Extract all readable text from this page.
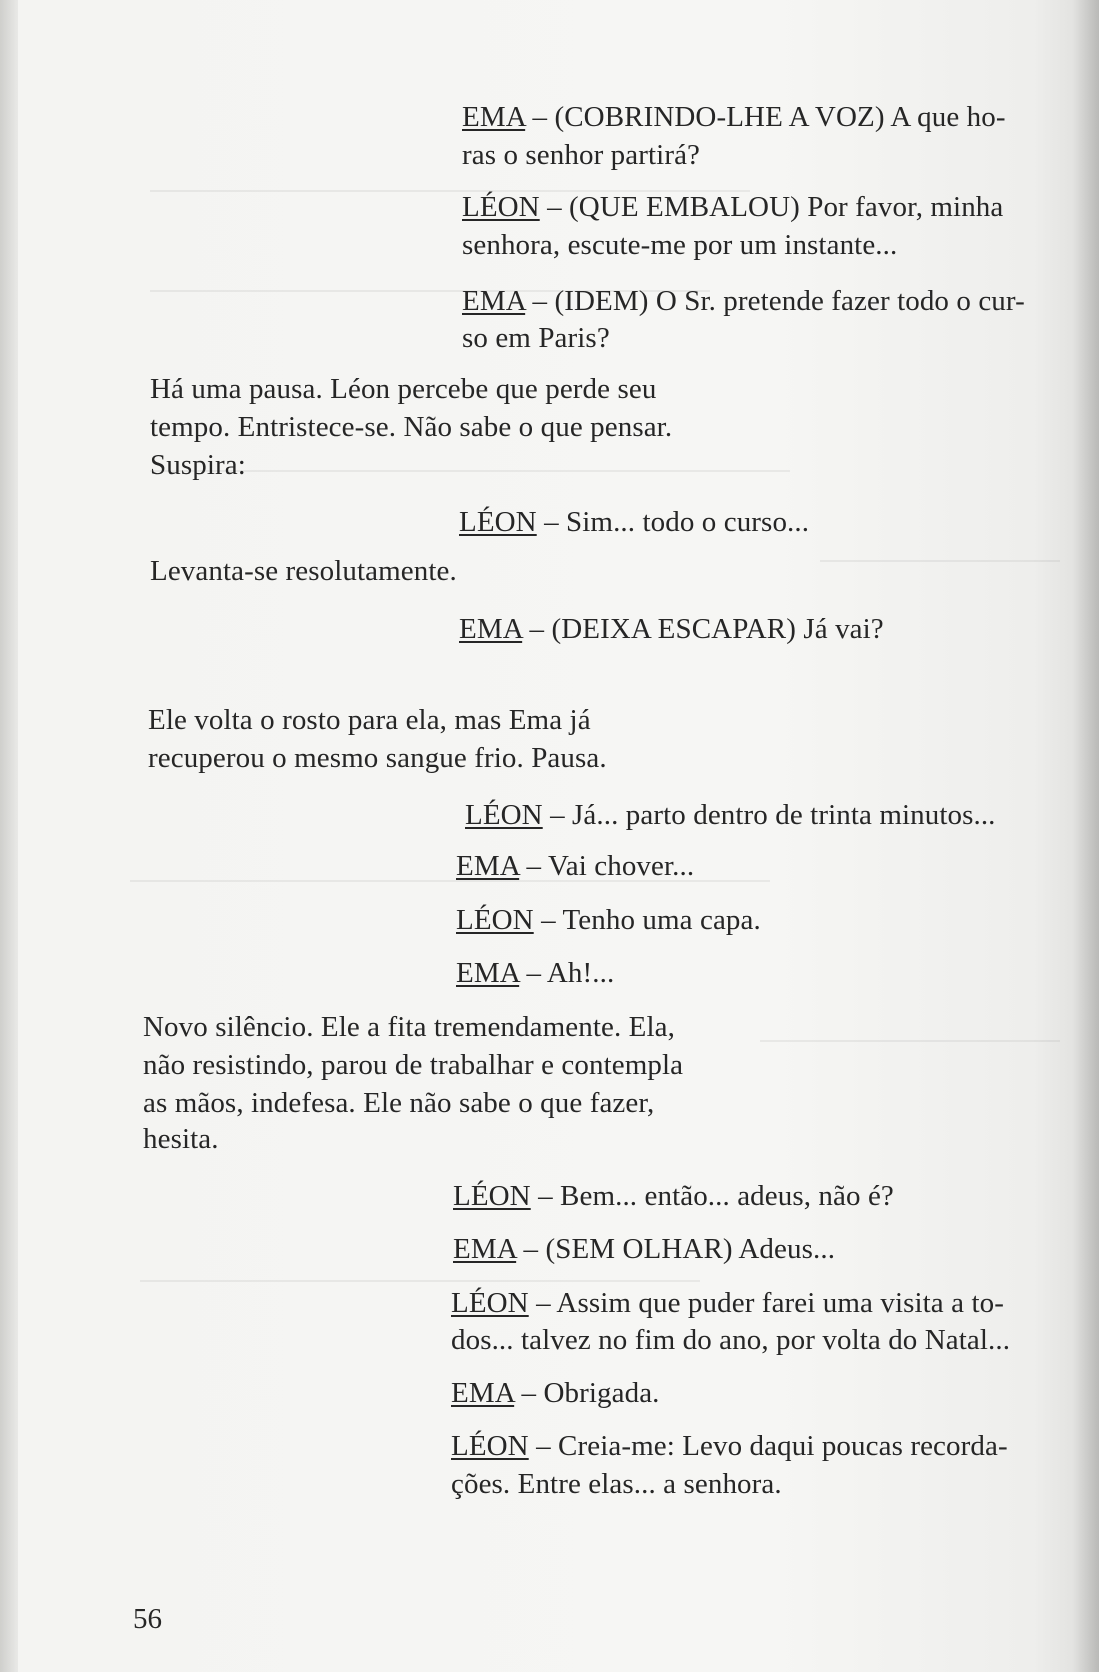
EMA – (COBRINDO-LHE A VOZ) A que ho-
ras o senhor partirá?
LÉON – (QUE EMBALOU) Por favor, minha
senhora, escute-me por um instante...
EMA – (IDEM) O Sr. pretende fazer todo o cur-
so em Paris?
Há uma pausa. Léon percebe que perde seu
tempo. Entristece-se. Não sabe o que pensar.
Suspira:
LÉON – Sim... todo o curso...
Levanta-se resolutamente.
EMA – (DEIXA ESCAPAR) Já vai?
Ele volta o rosto para ela, mas Ema já
recuperou o mesmo sangue frio. Pausa.
LÉON – Já... parto dentro de trinta minutos...
EMA – Vai chover...
LÉON – Tenho uma capa.
EMA – Ah!...
Novo silêncio. Ele a fita tremendamente. Ela,
não resistindo, parou de trabalhar e contempla
as mãos, indefesa. Ele não sabe o que fazer,
hesita.
LÉON – Bem... então... adeus, não é?
EMA – (SEM OLHAR) Adeus...
LÉON – Assim que puder farei uma visita a to-
dos... talvez no fim do ano, por volta do Natal...
EMA – Obrigada.
LÉON – Creia-me: Levo daqui poucas recorda-
ções. Entre elas... a senhora.
56
